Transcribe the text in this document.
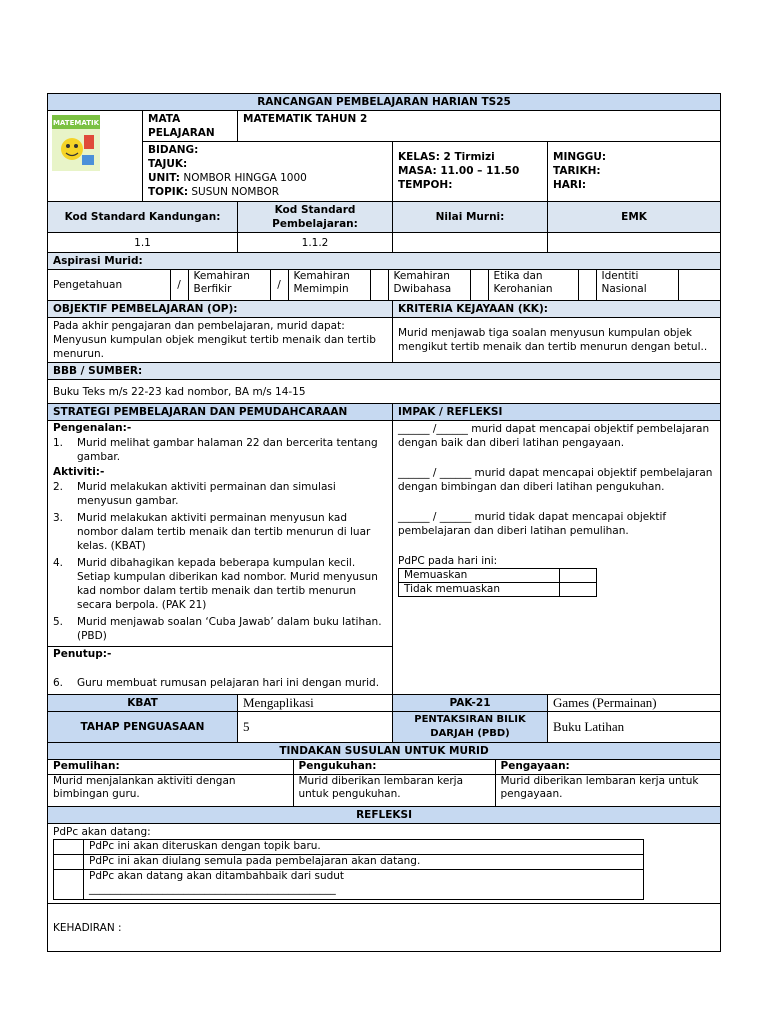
RANCANGAN PEMBELAJARAN HARIAN TS25

MATEMATIK	MATA PELAJARAN	MATEMATIK TAHUN 2

BIDANG:
TAJUK:
UNIT: NOMBOR HINGGA 1000
TOPIK: SUSUN NOMBOR

KELAS: 2 Tirmizi
MASA: 11.00 – 11.50
TEMPOH:

MINGGU:
TARIKH:
HARI:

Kod Standard Kandungan:	Kod Standard Pembelajaran:	Nilai Murni:	EMK
1.1	1.1.2		
Aspirasi Murid:

Pengetahuan	/	Kemahiran Berfikir	/	Kemahiran Memimpin		Kemahiran Dwibahasa		Etika dan Kerohanian		Identiti Nasional	

OBJEKTIF PEMBELAJARAN (OP):	KRITERIA KEJAYAAN (KK):
Pada akhir pengajaran dan pembelajaran, murid dapat: Menyusun kumpulan objek mengikut tertib menaik dan tertib menurun.	Murid menjawab tiga soalan menyusun kumpulan objek mengikut tertib menaik dan tertib menurun dengan betul..
BBB / SUMBER:
Buku Teks m/s 22-23 kad nombor, BA m/s 14-15
STRATEGI PEMBELAJARAN DAN PEMUDAHCARAAN	IMPAK / REFLEKSI

Pengenalan:-
1. Murid melihat gambar halaman 22 dan bercerita tentang gambar.
Aktiviti:-
2. Murid melakukan aktiviti permainan dan simulasi menyusun gambar.
3. Murid melakukan aktiviti permainan menyusun kad nombor dalam tertib menaik dan tertib menurun di luar kelas. (KBAT)
4. Murid dibahagikan kepada beberapa kumpulan kecil. Setiap kumpulan diberikan kad nombor. Murid menyusun kad nombor dalam tertib menaik dan tertib menurun secara berpola. (PAK 21)
5. Murid menjawab soalan ‘Cuba Jawab’ dalam buku latihan. (PBD)
Penutup:-
6. Guru membuat rumusan pelajaran hari ini dengan murid.

______ /______ murid dapat mencapai objektif pembelajaran dengan baik dan diberi latihan pengayaan.
______ / ______ murid dapat mencapai objektif pembelajaran dengan bimbingan dan diberi latihan pengukuhan.
______ / ______ murid tidak dapat mencapai objektif pembelajaran dan diberi latihan pemulihan.
PdPC pada hari ini:
Memuaskan	
Tidak memuaskan	

KBAT	Mengaplikasi	PAK-21	Games (Permainan)
TAHAP PENGUASAAN	5	PENTAKSIRAN BILIK DARJAH (PBD)	Buku Latihan
TINDAKAN SUSULAN UNTUK MURID

Pemulihan:	Pengukuhan:	Pengayaan:
Murid menjalankan aktiviti dengan bimbingan guru.	Murid diberikan lembaran kerja untuk pengukuhan.	Murid diberikan lembaran kerja untuk pengayaan.

REFLEKSI

PdPc akan datang:
	PdPc ini akan diteruskan dengan topik baru.
	PdPc ini akan diulang semula pada pembelajaran akan datang.

PdPc akan datang akan ditambahbaik dari sudut
_______________________________________________

KEHADIRAN :
